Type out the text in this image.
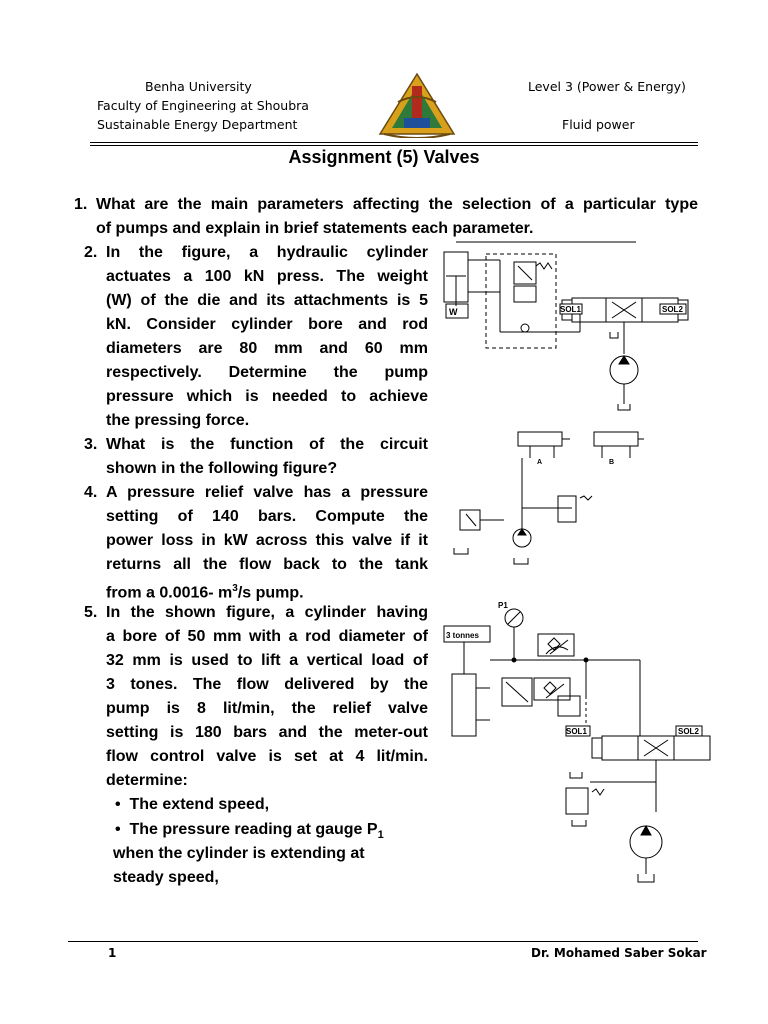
Benha University
Faculty of Engineering at Shoubra
Sustainable Energy Department
Level 3 (Power & Energy)
Fluid power
Assignment (5) Valves
1. What are the main parameters affecting the selection of a particular type
of pumps and explain in brief statements each parameter.
2. In the figure, a hydraulic cylinder
actuates a 100 kN press. The weight
(W) of the die and its attachments is 5
kN. Consider cylinder bore and rod
diameters are 80 mm and 60 mm
respectively. Determine the pump
pressure which is needed to achieve
the pressing force.
3. What is the function of the circuit
shown in the following figure?
4. A pressure relief valve has a pressure
setting of 140 bars. Compute the
power loss in kW across this valve if it
returns all the flow back to the tank
from a 0.0016- $m^3/s$ pump.
5. In the shown figure, a cylinder having
a bore of 50 mm with a rod diameter of
32 mm is used to lift a vertical load of
3 tones. The flow delivered by the
pump is 8 lit/min, the relief valve
setting is 180 bars and the meter-out
flow control valve is set at 4 lit/min.
determine:
•  The extend speed,
•  The pressure reading at gauge $P_1$
when the cylinder is extending at
steady speed,
W	SOL1	SOL2
A	B
P1
3 tonnes
SOL1	SOL2
1	Dr. Mohamed Saber Sokar
